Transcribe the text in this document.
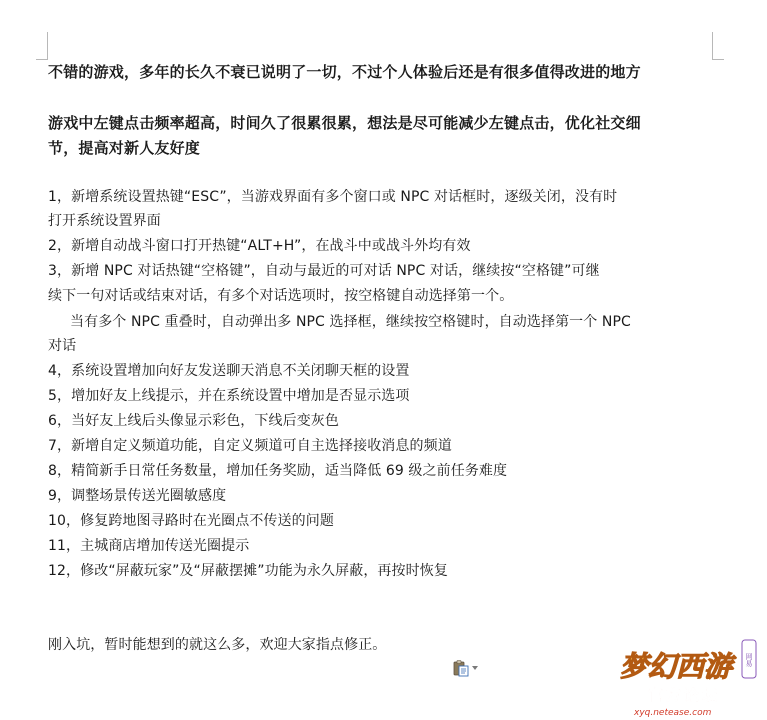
不错的游戏，多年的长久不衰已说明了一切，不过个人体验后还是有很多值得改进的地方
游戏中左键点击频率超高，时间久了很累很累，想法是尽可能减少左键点击，优化社交细
节，提高对新人友好度
1，新增系统设置热键“ESC”，当游戏界面有多个窗口或 NPC 对话框时，逐级关闭，没有时
打开系统设置界面
2，新增自动战斗窗口打开热键“ALT+H”，在战斗中或战斗外均有效
3，新增 NPC 对话热键“空格键”，自动与最近的可对话 NPC 对话，继续按“空格键”可继
续下一句对话或结束对话，有多个对话选项时，按空格键自动选择第一个。
当有多个 NPC 重叠时，自动弹出多 NPC 选择框，继续按空格键时，自动选择第一个 NPC
对话
4，系统设置增加向好友发送聊天消息不关闭聊天框的设置
5，增加好友上线提示，并在系统设置中增加是否显示选项
6，当好友上线后头像显示彩色，下线后变灰色
7，新增自定义频道功能，自定义频道可自主选择接收消息的频道
8，精简新手日常任务数量，增加任务奖励，适当降低 69 级之前任务难度
9，调整场景传送光圈敏感度
10，修复跨地图寻路时在光圈点不传送的问题
11，主城商店增加传送光圈提示
12，修改“屏蔽玩家”及“屏蔽摆摊”功能为永久屏蔽，再按时恢复
刚入坑，暂时能想到的就这么多，欢迎大家指点修正。
梦幻西游	网易
官方论坛
xyq.netease.com
